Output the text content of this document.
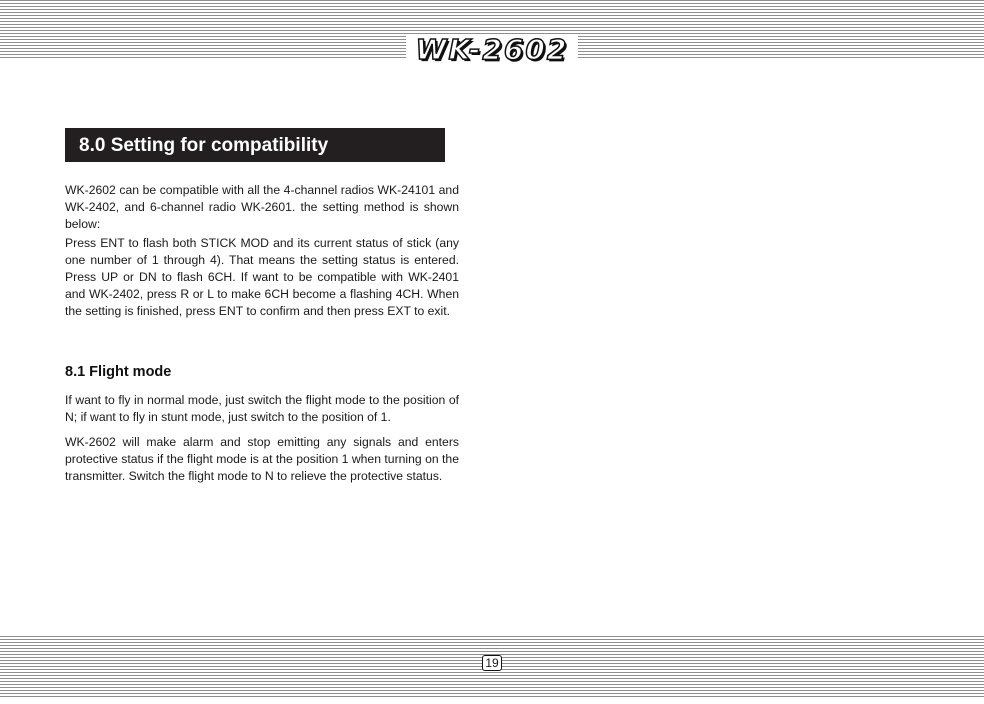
WK-2602
8.0 Setting for compatibility

WK-2602 can be compatible with all the 4-channel radios WK-24101 and WK-2402, and 6-channel radio WK-2601. the setting method is shown below:

Press ENT to flash both STICK MOD and its current status of stick (any one number of 1 through 4). That means the setting status is entered. Press UP or DN to flash 6CH. If want to be compatible with WK-2401 and WK-2402, press R or L to make 6CH become a flashing 4CH. When the setting is finished, press ENT to confirm and then press EXT to exit.

8.1 Flight mode

If want to fly in normal mode, just switch the flight mode to the position of N; if want to fly in stunt mode, just switch to the position of 1.

WK-2602 will make alarm and stop emitting any signals and enters protective status if the flight mode is at the position 1 when turning on the transmitter. Switch the flight mode to N to relieve the protective status.

19
